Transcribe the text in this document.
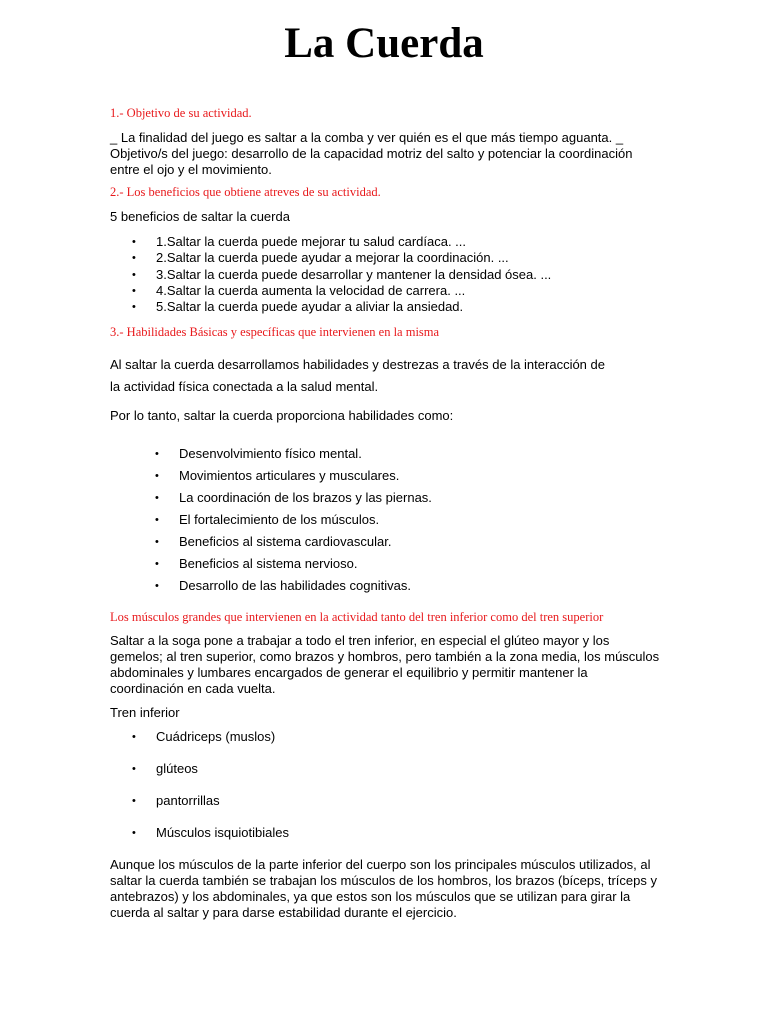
La Cuerda
1.- Objetivo de su actividad.
_ La finalidad del juego es saltar a la comba y ver quién es el que más tiempo aguanta. _
Objetivo/s del juego: desarrollo de la capacidad motriz del salto y potenciar la coordinación
entre el ojo y el movimiento.
2.- Los beneficios que obtiene atreves de su actividad.
5 beneficios de saltar la cuerda
• 1.Saltar la cuerda puede mejorar tu salud cardíaca. ...
• 2.Saltar la cuerda puede ayudar a mejorar la coordinación. ...
• 3.Saltar la cuerda puede desarrollar y mantener la densidad ósea. ...
• 4.Saltar la cuerda aumenta la velocidad de carrera. ...
• 5.Saltar la cuerda puede ayudar a aliviar la ansiedad.
3.- Habilidades Básicas y específicas que intervienen en la misma
Al saltar la cuerda desarrollamos habilidades y destrezas a través de la interacción de
la actividad física conectada a la salud mental.
Por lo tanto, saltar la cuerda proporciona habilidades como:
• Desenvolvimiento físico mental.
• Movimientos articulares y musculares.
• La coordinación de los brazos y las piernas.
• El fortalecimiento de los músculos.
• Beneficios al sistema cardiovascular.
• Beneficios al sistema nervioso.
• Desarrollo de las habilidades cognitivas.
Los músculos grandes que intervienen en la actividad tanto del tren inferior como del tren superior
Saltar a la soga pone a trabajar a todo el tren inferior, en especial el glúteo mayor y los
gemelos; al tren superior, como brazos y hombros, pero también a la zona media, los músculos
abdominales y lumbares encargados de generar el equilibrio y permitir mantener la
coordinación en cada vuelta.
Tren inferior
• Cuádriceps (muslos)
• glúteos
• pantorrillas
• Músculos isquiotibiales
Aunque los músculos de la parte inferior del cuerpo son los principales músculos utilizados, al
saltar la cuerda también se trabajan los músculos de los hombros, los brazos (bíceps, tríceps y
antebrazos) y los abdominales, ya que estos son los músculos que se utilizan para girar la
cuerda al saltar y para darse estabilidad durante el ejercicio.
